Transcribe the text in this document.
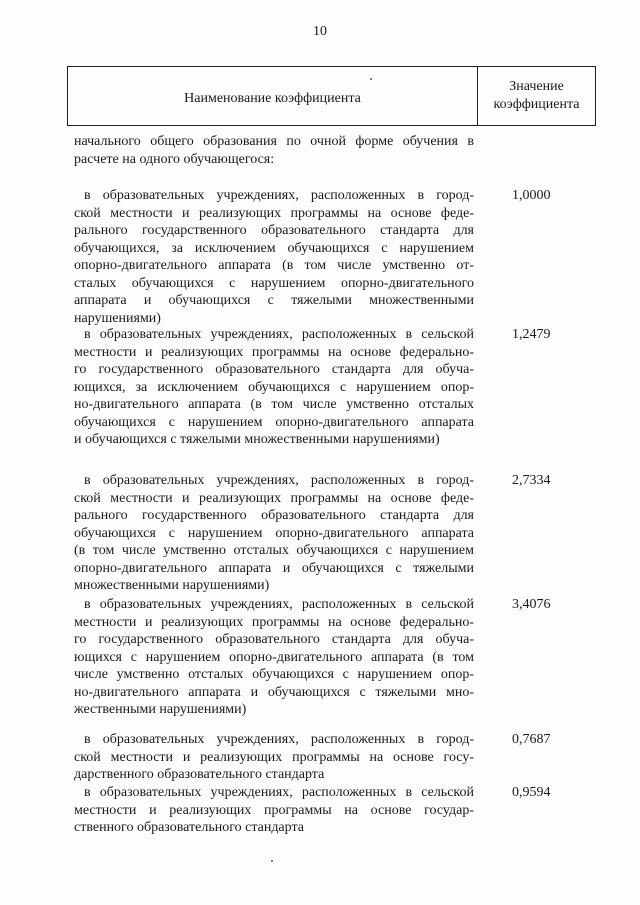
10
Наименование коэффициента
Значение
коэффициента

начального общего образования по очной форме обучения в
расчете на одного обучающегося:

в образовательных учреждениях, расположенных в город-
ской местности и реализующих программы на основе феде-
рального государственного образовательного стандарта для
обучающихся, за исключением обучающихся с нарушением
опорно-двигательного аппарата (в том числе умственно от-
сталых обучающихся с нарушением опорно-двигательного
аппарата и обучающихся с тяжелыми множественными
нарушениями)

1,0000

в образовательных учреждениях, расположенных в сельской
местности и реализующих программы на основе федерально-
го государственного образовательного стандарта для обуча-
ющихся, за исключением обучающихся с нарушением опор-
но-двигательного аппарата (в том числе умственно отсталых
обучающихся с нарушением опорно-двигательного аппарата
и обучающихся с тяжелыми множественными нарушениями)

1,2479

в образовательных учреждениях, расположенных в город-
ской местности и реализующих программы на основе феде-
рального государственного образовательного стандарта для
обучающихся с нарушением опорно-двигательного аппарата
(в том числе умственно отсталых обучающихся с нарушением
опорно-двигательного аппарата и обучающихся с тяжелыми
множественными нарушениями)

2,7334

в образовательных учреждениях, расположенных в сельской
местности и реализующих программы на основе федерально-
го государственного образовательного стандарта для обуча-
ющихся с нарушением опорно-двигательного аппарата (в том
числе умственно отсталых обучающихся с нарушением опор-
но-двигательного аппарата и обучающихся с тяжелыми мно-
жественными нарушениями)

3,4076

в образовательных учреждениях, расположенных в город-
ской местности и реализующих программы на основе госу-
дарственного образовательного стандарта

0,7687

в образовательных учреждениях, расположенных в сельской
местности и реализующих программы на основе государ-
ственного образовательного стандарта

0,9594
